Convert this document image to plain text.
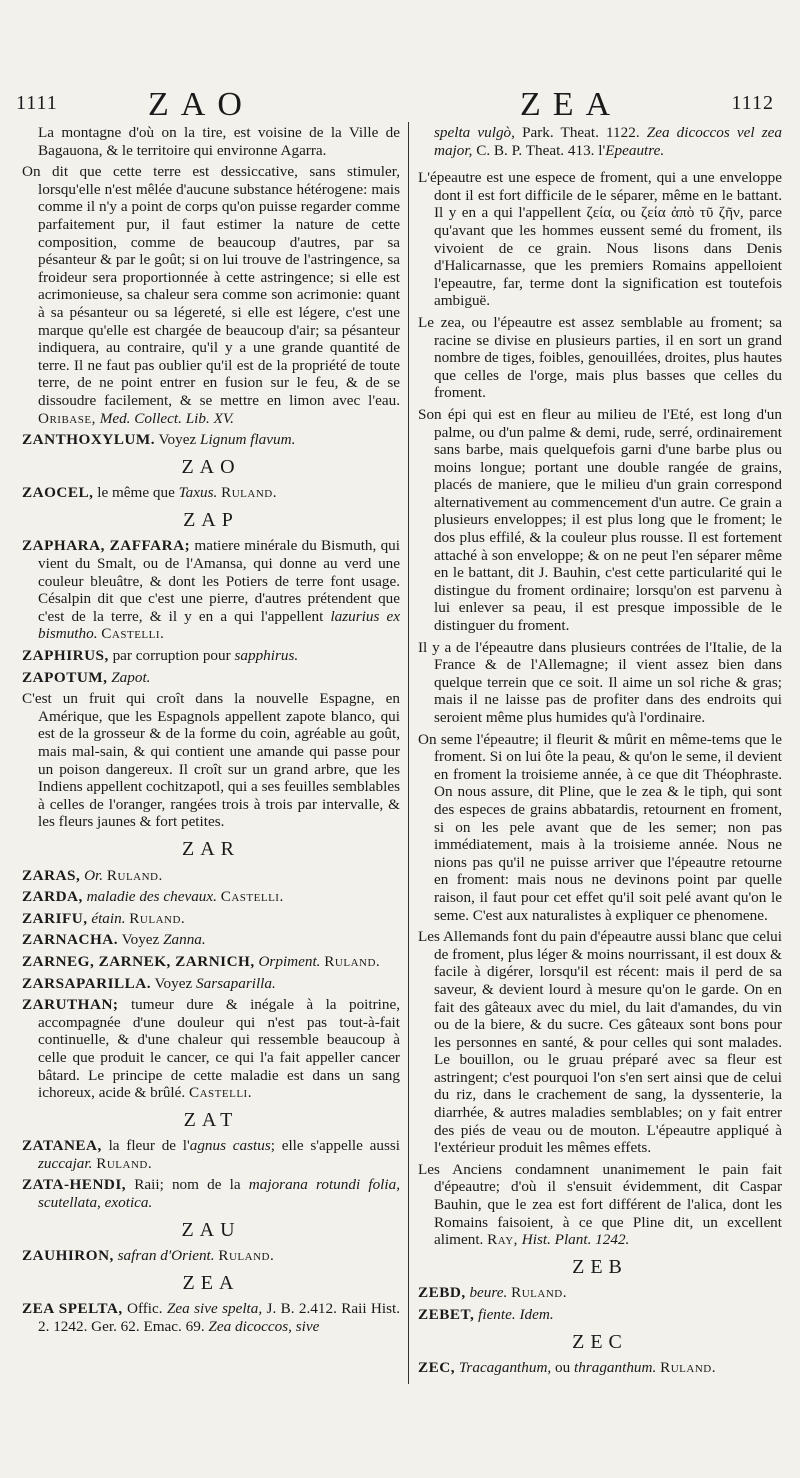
1111	ZAO	ZEA	1112

La montagne d'où on la tire, est voisine de la Ville de Bagauona, & le territoire qui environne Agarra.

On dit que cette terre est dessiccative, sans stimuler, lorsqu'elle n'est mêlée d'aucune substance hétérogene: mais comme il n'y a point de corps qu'on puisse regarder comme parfaitement pur, il faut estimer la nature de cette composition, comme de beaucoup d'autres, par sa pésanteur & par le goût; si on lui trouve de l'astringence, sa froideur sera proportionnée à cette astringence; si elle est acrimonieuse, sa chaleur sera comme son acrimonie: quant à sa pésanteur ou sa légereté, si elle est légere, c'est une marque qu'elle est chargée de beaucoup d'air; sa pésanteur indiquera, au contraire, qu'il y a une grande quantité de terre. Il ne faut pas oublier qu'il est de la propriété de toute terre, de ne point entrer en fusion sur le feu, & de se dissoudre facilement, & se mettre en limon avec l'eau. Oribase, Med. Collect. Lib. XV.

ZANTHOXYLUM. Voyez Lignum flavum.

ZAO

ZAOCEL, le même que Taxus. Ruland.

ZAP

ZAPHARA, ZAFFARA; matiere minérale du Bismuth, qui vient du Smalt, ou de l'Amansa, qui donne au verd une couleur bleuâtre, & dont les Potiers de terre font usage. Césalpin dit que c'est une pierre, d'autres prétendent que c'est de la terre, & il y en a qui l'appellent lazurius ex bismutho. Castelli.

ZAPHIRUS, par corruption pour sapphirus.

ZAPOTUM, Zapot.

C'est un fruit qui croît dans la nouvelle Espagne, en Amérique, que les Espagnols appellent zapote blanco, qui est de la grosseur & de la forme du coin, agréable au goût, mais mal-sain, & qui contient une amande qui passe pour un poison dangereux. Il croît sur un grand arbre, que les Indiens appellent cochitzapotl, qui a ses feuilles semblables à celles de l'oranger, rangées trois à trois par intervalle, & les fleurs jaunes & fort petites.

ZAR

ZARAS, Or. Ruland.

ZARDA, maladie des chevaux. Castelli.

ZARIFU, étain. Ruland.

ZARNACHA. Voyez Zanna.

ZARNEG, ZARNEK, ZARNICH, Orpiment. Ruland.

ZARSAPARILLA. Voyez Sarsaparilla.

ZARUTHAN; tumeur dure & inégale à la poitrine, accompagnée d'une douleur qui n'est pas tout-à-fait continuelle, & d'une chaleur qui ressemble beaucoup à celle que produit le cancer, ce qui l'a fait appeller cancer bâtard. Le principe de cette maladie est dans un sang ichoreux, acide & brûlé. Castelli.

ZAT

ZATANEA, la fleur de l'agnus castus; elle s'appelle aussi zuccajar. Ruland.

ZATA-HENDI, Raii; nom de la majorana rotundi folia, scutellata, exotica.

ZAU

ZAUHIRON, safran d'Orient. Ruland.

ZEA

ZEA SPELTA, Offic. Zea sive spelta, J. B. 2.412. Raii Hist. 2. 1242. Ger. 62. Emac. 69. Zea dicoccos, sive

spelta vulgò, Park. Theat. 1122. Zea dicoccos vel zea major, C. B. P. Theat. 413. l'Epeautre.

L'épeautre est une espece de froment, qui a une enveloppe dont il est fort difficile de le séparer, même en le battant. Il y en a qui l'appellent ζεία, ou ζεία ἀπὸ τῦ ζῆν, parce qu'avant que les hommes eussent semé du froment, ils vivoient de ce grain. Nous lisons dans Denis d'Halicarnasse, que les premiers Romains appelloient l'epeautre, far, terme dont la signification est toutefois ambiguë.

Le zea, ou l'épeautre est assez semblable au froment; sa racine se divise en plusieurs parties, il en sort un grand nombre de tiges, foibles, genouillées, droites, plus hautes que celles de l'orge, mais plus basses que celles du froment.

Son épi qui est en fleur au milieu de l'Eté, est long d'un palme, ou d'un palme & demi, rude, serré, ordinairement sans barbe, mais quelquefois garni d'une barbe plus ou moins longue; portant une double rangée de grains, placés de maniere, que le milieu d'un grain correspond alternativement au commencement d'un autre. Ce grain a plusieurs enveloppes; il est plus long que le froment; le dos plus effilé, & la couleur plus rousse. Il est fortement attaché à son enveloppe; & on ne peut l'en séparer même en le battant, dit J. Bauhin, c'est cette particularité qui le distingue du froment ordinaire; lorsqu'on est parvenu à lui enlever sa peau, il est presque impossible de le distinguer du froment.

Il y a de l'épeautre dans plusieurs contrées de l'Italie, de la France & de l'Allemagne; il vient assez bien dans quelque terrein que ce soit. Il aime un sol riche & gras; mais il ne laisse pas de profiter dans des endroits qui seroient même plus humides qu'à l'ordinaire.

On seme l'épeautre; il fleurit & mûrit en même-tems que le froment. Si on lui ôte la peau, & qu'on le seme, il devient en froment la troisieme année, à ce que dit Théophraste. On nous assure, dit Pline, que le zea & le tiph, qui sont des especes de grains abbatardis, retournent en froment, si on les pele avant que de les semer; non pas immédiatement, mais à la troisieme année. Nous ne nions pas qu'il ne puisse arriver que l'épeautre retourne en froment: mais nous ne devinons point par quelle raison, il faut pour cet effet qu'il soit pelé avant qu'on le seme. C'est aux naturalistes à expliquer ce phenomene.

Les Allemands font du pain d'épeautre aussi blanc que celui de froment, plus léger & moins nourrissant, il est doux & facile à digérer, lorsqu'il est récent: mais il perd de sa saveur, & devient lourd à mesure qu'on le garde. On en fait des gâteaux avec du miel, du lait d'amandes, du vin ou de la biere, & du sucre. Ces gâteaux sont bons pour les personnes en santé, & pour celles qui sont malades. Le bouillon, ou le gruau préparé avec sa fleur est astringent; c'est pourquoi l'on s'en sert ainsi que de celui du riz, dans le crachement de sang, la dyssenterie, la diarrhée, & autres maladies semblables; on y fait entrer des piés de veau ou de mouton. L'épeautre appliqué à l'extérieur produit les mêmes effets.

Les Anciens condamnent unanimement le pain fait d'épeautre; d'où il s'ensuit évidemment, dit Caspar Bauhin, que le zea est fort différent de l'alica, dont les Romains faisoient, à ce que Pline dit, un excellent aliment. Ray, Hist. Plant. 1242.

ZEB

ZEBD, beure. Ruland.

ZEBET, fiente. Idem.

ZEC

ZEC, Tracaganthum, ou thraganthum. Ruland.
